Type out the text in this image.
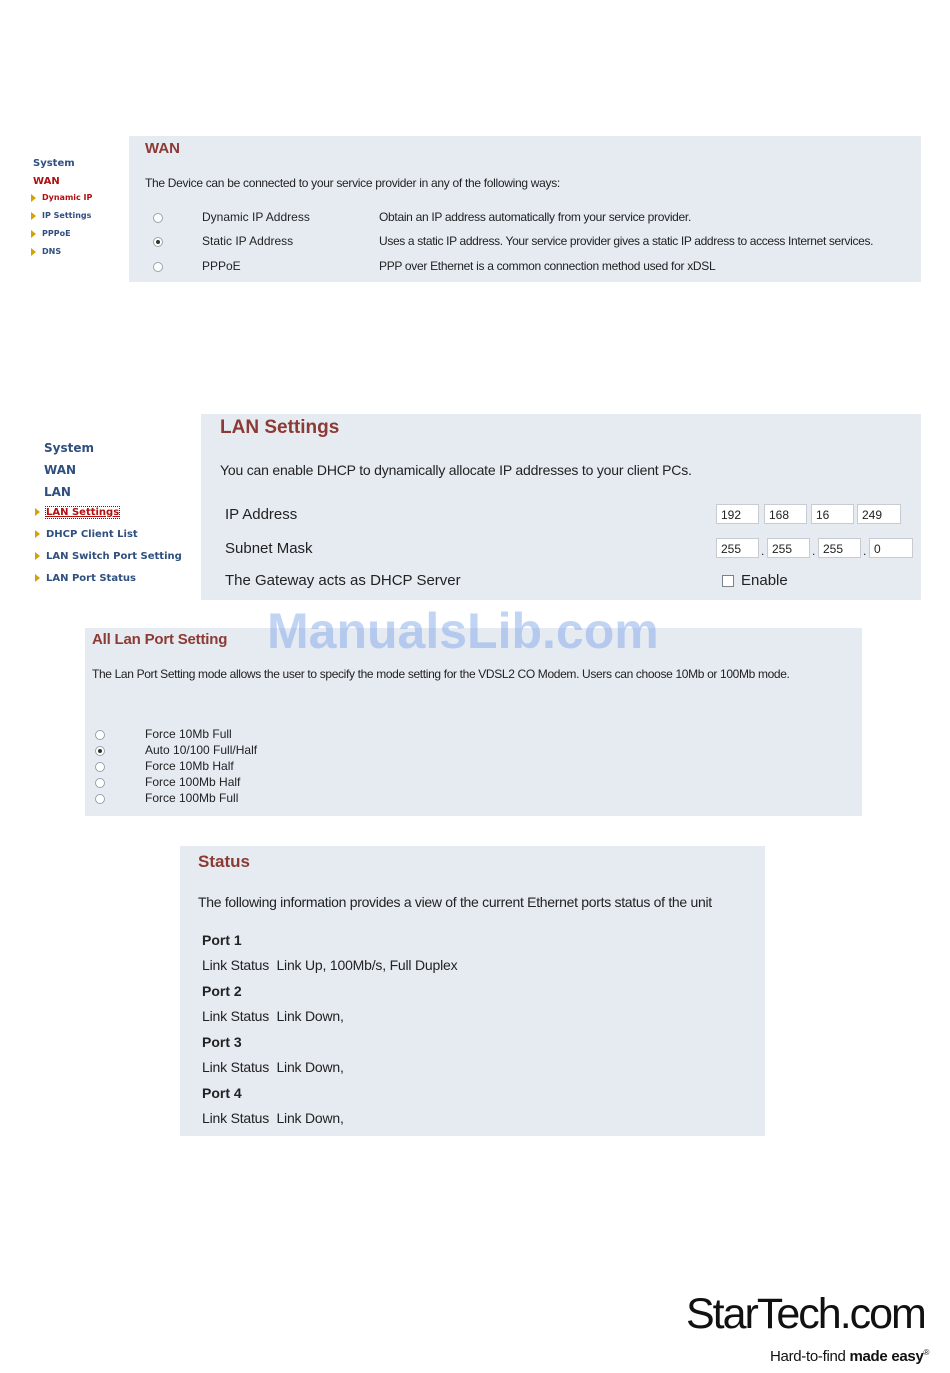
System
WAN
Dynamic IP
IP Settings
PPPoE
DNS
WAN
The Device can be connected to your service provider in any of the following ways:
Dynamic IP Address	Obtain an IP address automatically from your service provider.
Static IP Address	Uses a static IP address. Your service provider gives a static IP address to access Internet services.
PPPoE	PPP over Ethernet is a common connection method used for xDSL
System
WAN
LAN
LAN Settings
DHCP Client List
LAN Switch Port Setting
LAN Port Status
LAN Settings
You can enable DHCP to dynamically allocate IP addresses to your client PCs.
IP Address	192	168	16	249
Subnet Mask	255	. 255	. 255	. 0
The Gateway acts as DHCP Server	Enable
All Lan Port Setting
The Lan Port Setting mode allows the user to specify the mode setting for the VDSL2 CO Modem. Users can choose 10Mb or 100Mb mode.
Force 10Mb Full
Auto 10/100 Full/Half
Force 10Mb Half
Force 100Mb Half
Force 100Mb Full
ManualsLib.com
Status
The following information provides a view of the current Ethernet ports status of the unit
Port 1
Link Status Link Up, 100Mb/s, Full Duplex
Port 2
Link Status Link Down,
Port 3
Link Status Link Down,
Port 4
Link Status Link Down,
StarTech.com
Hard-to-find made easy®
